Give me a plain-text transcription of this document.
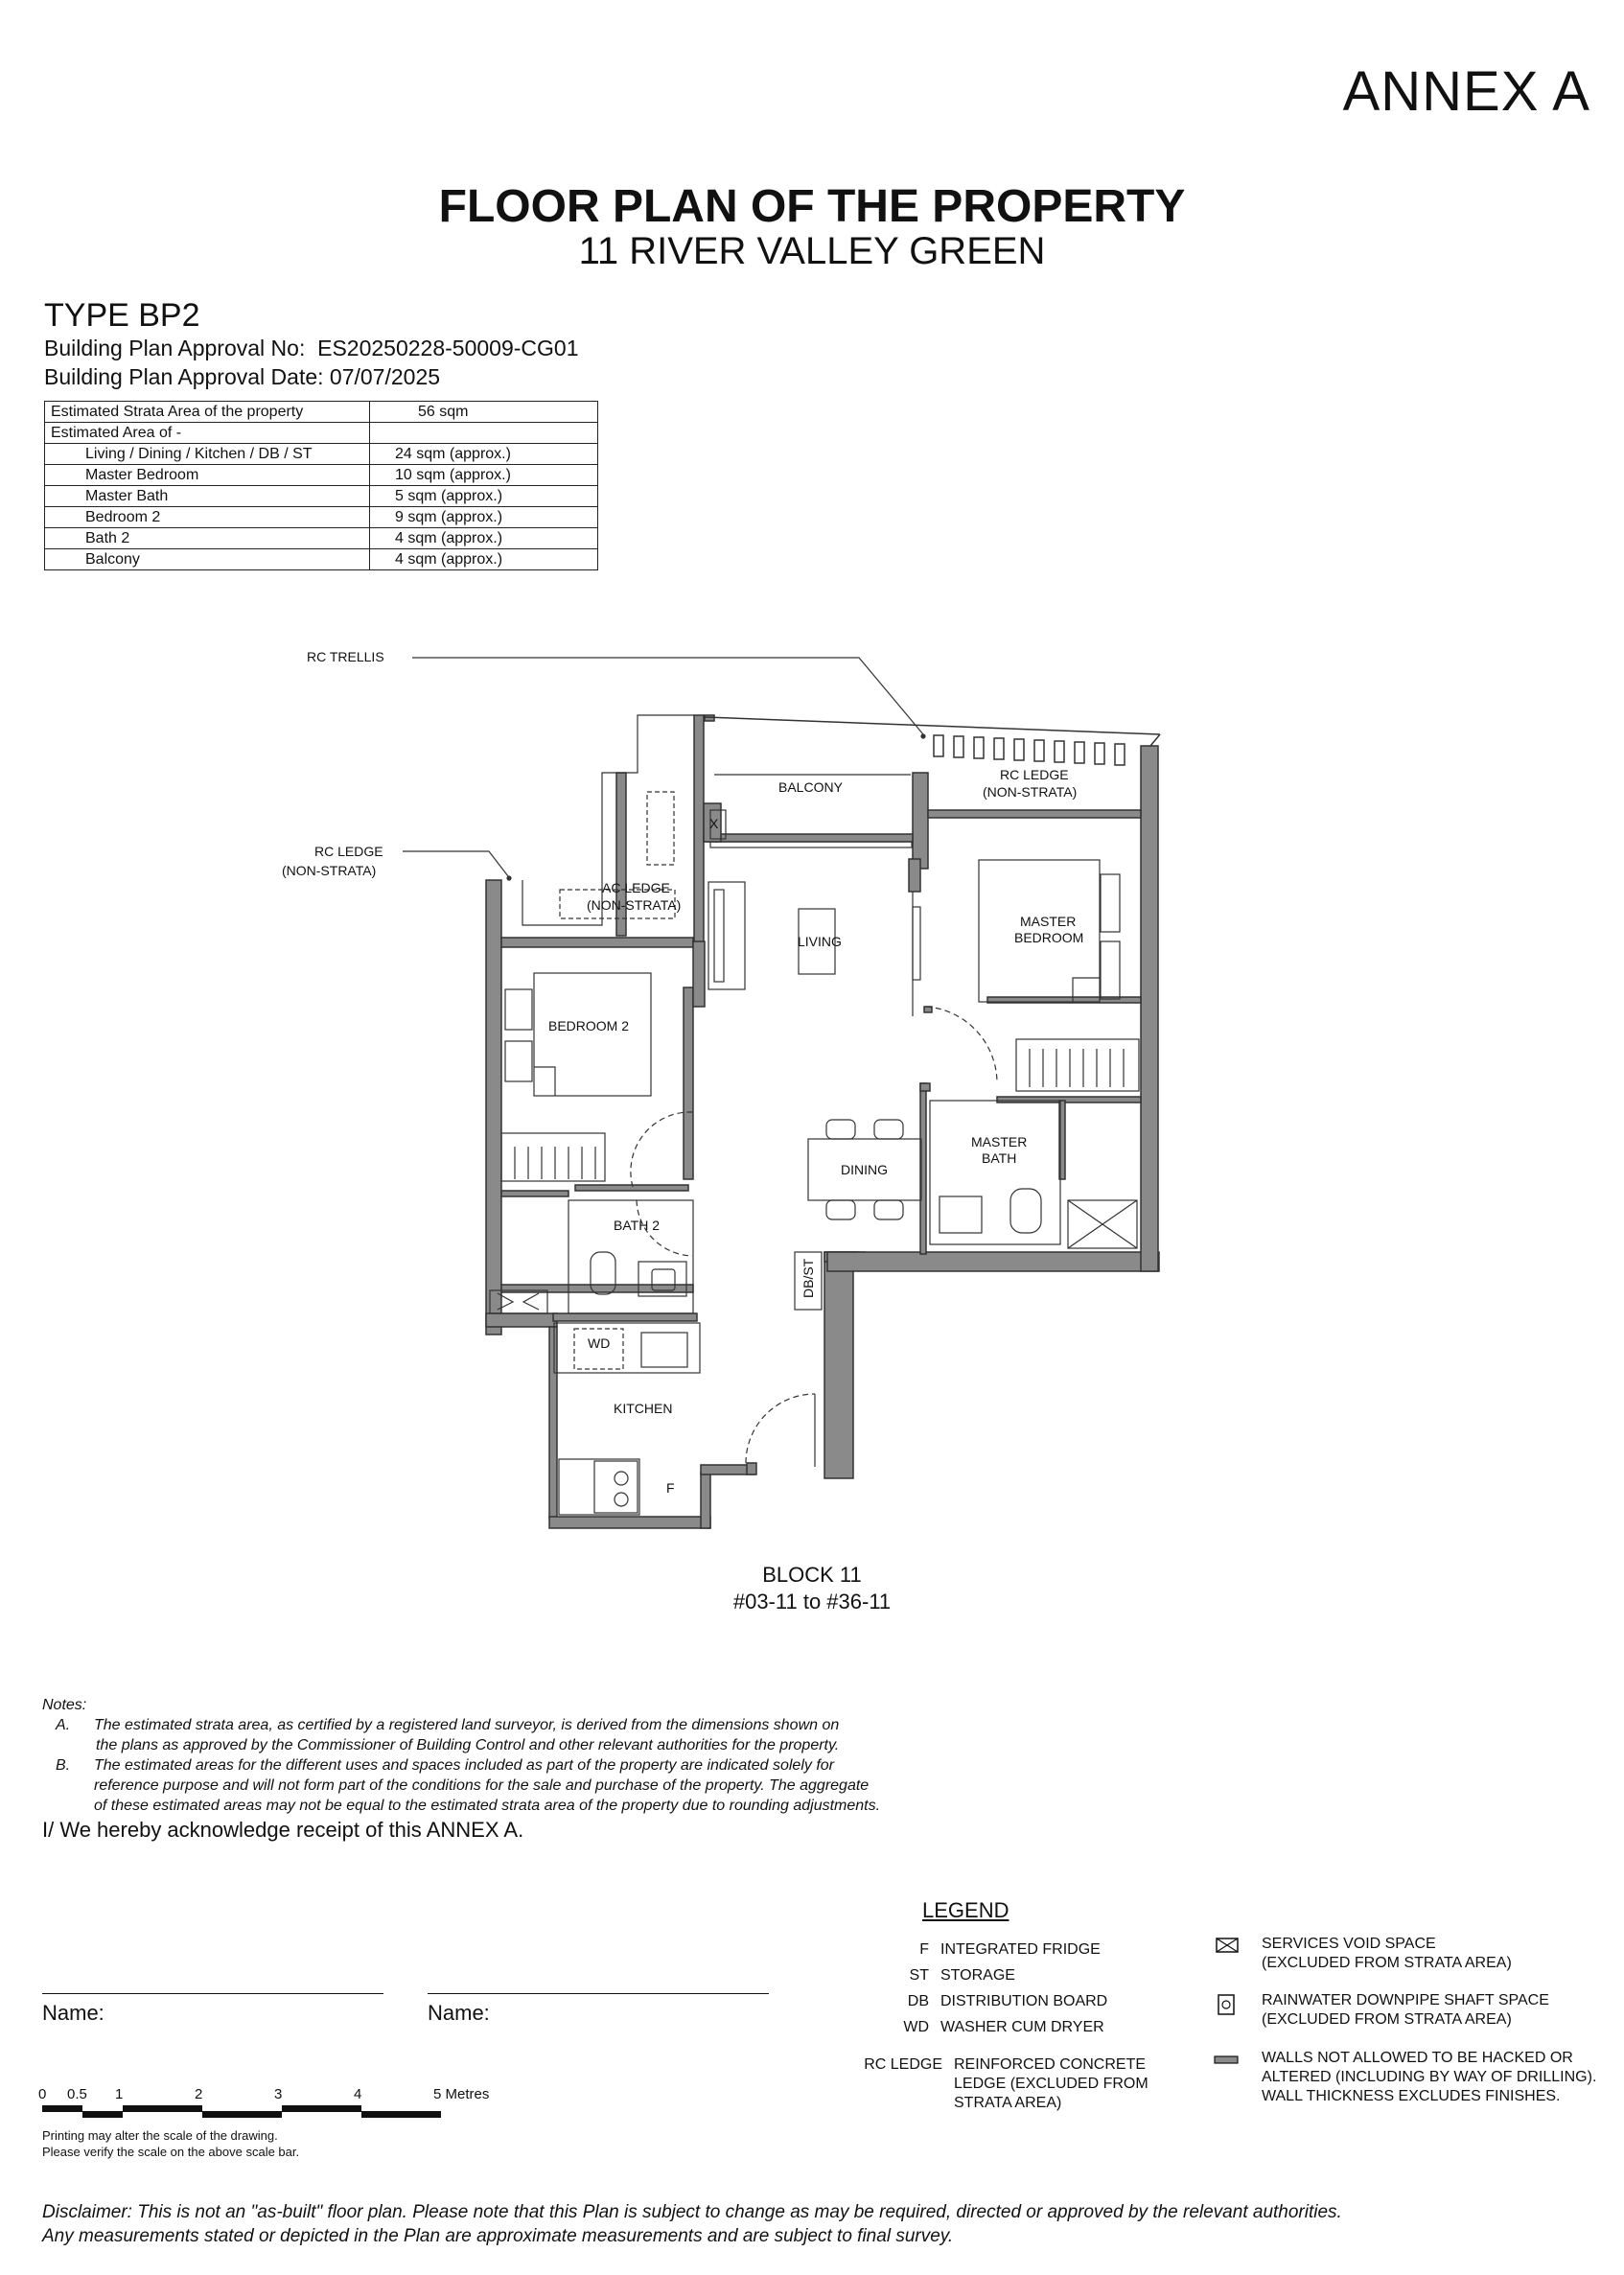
ANNEX A
FLOOR PLAN OF THE PROPERTY
11 RIVER VALLEY GREEN
TYPE BP2
Building Plan Approval No: ES20250228-50009-CG01
Building Plan Approval Date: 07/07/2025
Estimated Strata Area of the property	56 sqm
Estimated Area of -	
Living / Dining / Kitchen / DB / ST	24 sqm (approx.)
Master Bedroom	10 sqm (approx.)
Master Bath	5 sqm (approx.)
Bedroom 2	9 sqm (approx.)
Bath 2	4 sqm (approx.)
Balcony	4 sqm (approx.)
RC TRELLIS
RC LEDGE
(NON-STRATA)
BALCONY
RC LEDGE
(NON-STRATA)
AC LEDGE
(NON-STRATA)
LIVING
MASTER
BEDROOM
BEDROOM 2
DINING
MASTER
BATH
BATH 2
DB/ST
WD
KITCHEN
F
X
BLOCK 11
#03-11 to #36-11
Notes:
A.	The estimated strata area, as certified by a registered land surveyor, is derived from the dimensions shown on
the plans as approved by the Commissioner of Building Control and other relevant authorities for the property.
B.	The estimated areas for the different uses and spaces included as part of the property are indicated solely for
reference purpose and will not form part of the conditions for the sale and purchase of the property. The aggregate
of these estimated areas may not be equal to the estimated strata area of the property due to rounding adjustments.
I/ We hereby acknowledge receipt of this ANNEX A.
Name:	Name:
0 0.5 1	2	3	4	5 Metres
Printing may alter the scale of the drawing.
Please verify the scale on the above scale bar.
LEGEND
F INTEGRATED FRIDGE
ST STORAGE
DB DISTRIBUTION BOARD
WD WASHER CUM DRYER
RC LEDGE REINFORCED CONCRETE
LEDGE (EXCLUDED FROM
STRATA AREA)
SERVICES VOID SPACE
(EXCLUDED FROM STRATA AREA)
RAINWATER DOWNPIPE SHAFT SPACE
(EXCLUDED FROM STRATA AREA)
WALLS NOT ALLOWED TO BE HACKED OR
ALTERED (INCLUDING BY WAY OF DRILLING).
WALL THICKNESS EXCLUDES FINISHES.
Disclaimer: This is not an "as-built" floor plan. Please note that this Plan is subject to change as may be required, directed or approved by the relevant authorities.
Any measurements stated or depicted in the Plan are approximate measurements and are subject to final survey.
